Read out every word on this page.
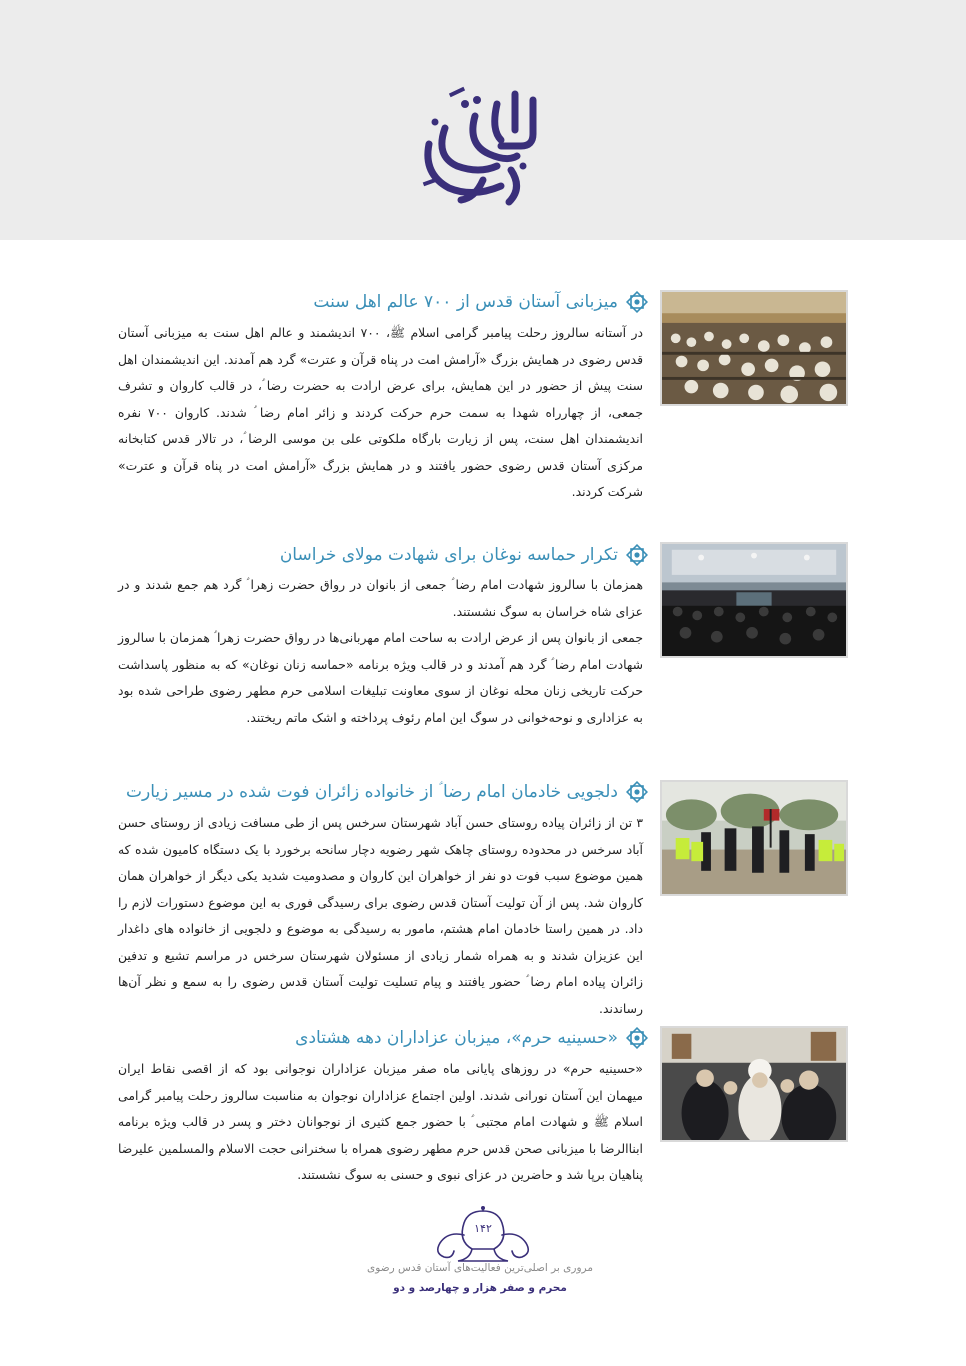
میزبانی آستان قدس از ۷۰۰ عالم اهل سنت

در آستانه سالروز رحلت پیامبر گرامی اسلام ﷺ، ۷۰۰ اندیشمند و عالم اهل سنت به میزبانی آستان قدس رضوی در همایش بزرگ «آرامش امت در پناه قرآن و عترت» گرد هم آمدند. این اندیشمندان اهل سنت پیش از حضور در این همایش، برای عرض ارادت به حضرت رضا ؑ، در قالب کاروان و تشرف جمعی، از چهارراه شهدا به سمت حرم حرکت کردند و زائر امام رضا ؑ شدند. کاروان ۷۰۰ نفره اندیشمندان اهل سنت، پس از زیارت بارگاه ملکوتی علی بن موسی الرضا ؑ، در تالار قدس کتابخانه مرکزی آستان قدس رضوی حضور یافتند و در همایش بزرگ «آرامش امت در پناه قرآن و عترت» شرکت کردند.

تکرار حماسه نوغان برای شهادت مولای خراسان

همزمان با سالروز شهادت امام رضا ؑ جمعی از بانوان در رواق حضرت زهرا ؑ گرد هم جمع شدند و در عزای شاه خراسان به سوگ نشستند.

جمعی از بانوان پس از عرض ارادت به ساحت امام مهربانی‌ها در رواق حضرت زهرا ؑ همزمان با سالروز شهادت امام رضا ؑ گرد هم آمدند و در قالب ویژه برنامه «حماسه زنان نوغان» که به منظور پاسداشت حرکت تاریخی زنان محله نوغان از سوی معاونت تبلیغات اسلامی حرم مطهر رضوی طراحی شده بود به عزاداری و نوحه‌خوانی در سوگ این امام رئوف پرداخته و اشک ماتم ریختند.

دلجویی خادمان امام رضا ؑ از خانواده زائران فوت شده در مسیر زیارت

۳ تن از زائران پیاده روستای حسن آباد شهرستان سرخس پس از طی مسافت زیادی از روستای حسن آباد سرخس در محدوده روستای چاهک شهر رضویه دچار سانحه برخورد با یک دستگاه کامیون شده که همین موضوع سبب فوت دو نفر از خواهران این کاروان و مصدومیت شدید یکی دیگر از خواهران همان کاروان شد. پس از آن تولیت آستان قدس رضوی برای رسیدگی فوری به این موضوع دستورات لازم را داد. در همین راستا خادمان امام هشتم، مامور به رسیدگی به موضوع و دلجویی از خانواده های داغدار این عزیزان شدند و به همراه شمار زیادی از مسئولان شهرستان سرخس در مراسم تشیع و تدفین زائران پیاده امام رضا ؑ حضور یافتند و پیام تسلیت تولیت آستان قدس رضوی را به سمع و نظر آن‌ها رساندند.

«حسینیه حرم»، میزبان عزاداران دهه هشتادی

«حسینیه حرم» در روزهای پایانی ماه صفر میزبان عزاداران نوجوانی بود که از اقصی نقاط ایران میهمان این آستان نورانی شدند. اولین اجتماع عزاداران نوجوان به مناسبت سالروز رحلت پیامبر گرامی اسلام ﷺ و شهادت امام مجتبی ؑ با حضور جمع کثیری از نوجوانان دختر و پسر در قالب ویژه برنامه ابناالرضا با میزبانی صحن قدس حرم مطهر رضوی همراه با سخنرانی حجت الاسلام والمسلمین علیرضا پناهیان برپا شد و حاضرین در عزای نبوی و حسنی به سوگ نشستند.

۱۴۲
مروری بر اصلی‌ترین فعالیت‌های آستان قدس رضوی
محرم و صفر هزار و چهارصد و دو
